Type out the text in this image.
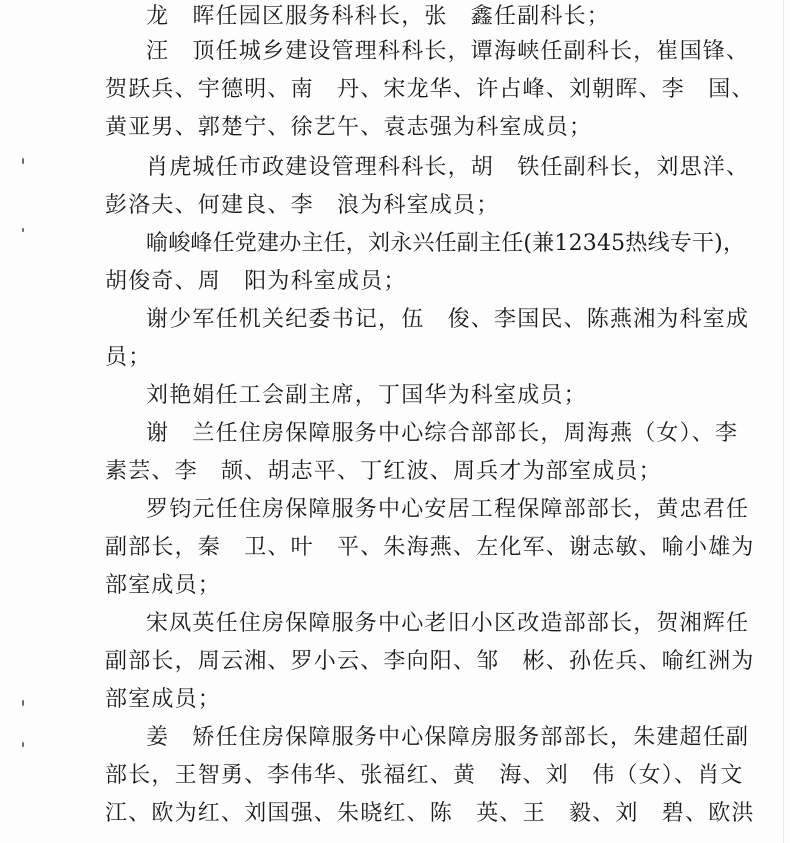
龙　晖任园区服务科科长，张　鑫任副科长；
汪　顶任城乡建设管理科科长，谭海峡任副科长，崔国锋、
贺跃兵、宇德明、南　丹、宋龙华、许占峰、刘朝晖、李　国、
黄亚男、郭楚宁、徐艺午、袁志强为科室成员；
肖虎城任市政建设管理科科长，胡　铁任副科长，刘思洋、
彭洛夫、何建良、李　浪为科室成员；
喻峻峰任党建办主任，刘永兴任副主任(兼12345热线专干)，
胡俊奇、周　阳为科室成员；
谢少军任机关纪委书记，伍　俊、李国民、陈燕湘为科室成
员；
刘艳娟任工会副主席，丁国华为科室成员；
谢　兰任住房保障服务中心综合部部长，周海燕（女）、李
素芸、李　颉、胡志平、丁红波、周兵才为部室成员；
罗钧元任住房保障服务中心安居工程保障部部长，黄忠君任
副部长，秦　卫、叶　平、朱海燕、左化军、谢志敏、喻小雄为
部室成员；
宋凤英任住房保障服务中心老旧小区改造部部长，贺湘辉任
副部长，周云湘、罗小云、李向阳、邹　彬、孙佐兵、喻红洲为
部室成员；
姜　矫任住房保障服务中心保障房服务部部长，朱建超任副
部长，王智勇、李伟华、张福红、黄　海、刘　伟（女）、肖文
江、欧为红、刘国强、朱晓红、陈　英、王　毅、刘　碧、欧洪
